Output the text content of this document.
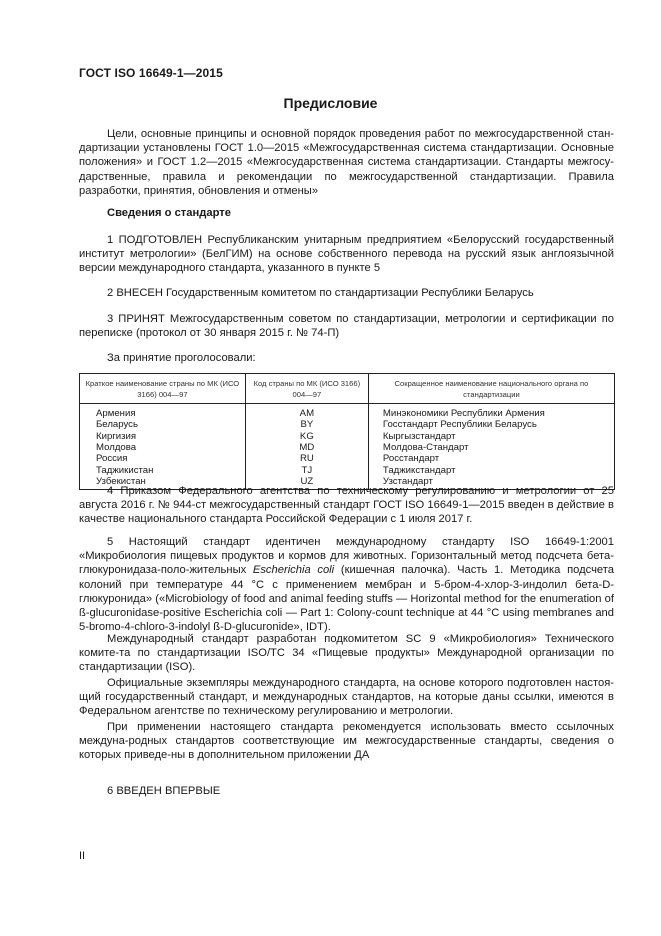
ГОСТ ISO 16649-1—2015
Предисловие
Цели, основные принципы и основной порядок проведения работ по межгосударственной стан-дартизации установлены ГОСТ 1.0—2015 «Межгосударственная система стандартизации. Основные положения» и ГОСТ 1.2—2015 «Межгосударственная система стандартизации. Стандарты межгосу-дарственные, правила и рекомендации по межгосударственной стандартизации. Правила разработки, принятия, обновления и отмены»
Сведения о стандарте
1 ПОДГОТОВЛЕН Республиканским унитарным предприятием «Белорусский государственный институт метрологии» (БелГИМ) на основе собственного перевода на русский язык англоязычной версии международного стандарта, указанного в пункте 5
2 ВНЕСЕН Государственным комитетом по стандартизации Республики Беларусь
3 ПРИНЯТ Межгосударственным советом по стандартизации, метрологии и сертификации по переписке (протокол от 30 января 2015 г. № 74-П)
За принятие проголосовали:
Краткое наименование страны по МК (ИСО 3166) 004—97	Код страны по МК (ИСО 3166) 004—97	Сокращенное наименование национального органа по стандартизации
Армения	AM	Минэкономики Республики Армения
Беларусь	BY	Госстандарт Республики Беларусь
Киргизия	KG	Кыргызстандарт
Молдова	MD	Молдова-Стандарт
Россия	RU	Росстандарт
Таджикистан	TJ	Таджикстандарт
Узбекистан	UZ	Узстандарт
4 Приказом Федерального агентства по техническому регулированию и метрологии от 25 августа 2016 г. № 944-ст межгосударственный стандарт ГОСТ ISO 16649-1—2015 введен в действие в качестве национального стандарта Российской Федерации с 1 июля 2017 г.
5 Настоящий стандарт идентичен международному стандарту ISO 16649-1:2001 «Микробиология пищевых продуктов и кормов для животных. Горизонтальный метод подсчета бета-глюкуронидаза-поло-жительных Escherichia coli (кишечная палочка). Часть 1. Методика подсчета колоний при температуре 44 °C с применением мембран и 5-бром-4-хлор-3-индолил бета-D-глюкуронида» («Microbiology of food and animal feeding stuffs — Horizontal method for the enumeration of ß-glucuronidase-positive Escherichia coli — Part 1: Colony-count technique at 44 °C using membranes and 5-bromo-4-chloro-3-indolyl ß-D-glucuronide», IDT).
Международный стандарт разработан подкомитетом SC 9 «Микробиология» Технического комите-та по стандартизации ISO/TC 34 «Пищевые продукты» Международной организации по стандартизации (ISO).
Официальные экземпляры международного стандарта, на основе которого подготовлен настоя-щий государственный стандарт, и международных стандартов, на которые даны ссылки, имеются в Федеральном агентстве по техническому регулированию и метрологии.
При применении настоящего стандарта рекомендуется использовать вместо ссылочных междуна-родных стандартов соответствующие им межгосударственные стандарты, сведения о которых приведе-ны в дополнительном приложении ДА
6 ВВЕДЕН ВПЕРВЫЕ
II
